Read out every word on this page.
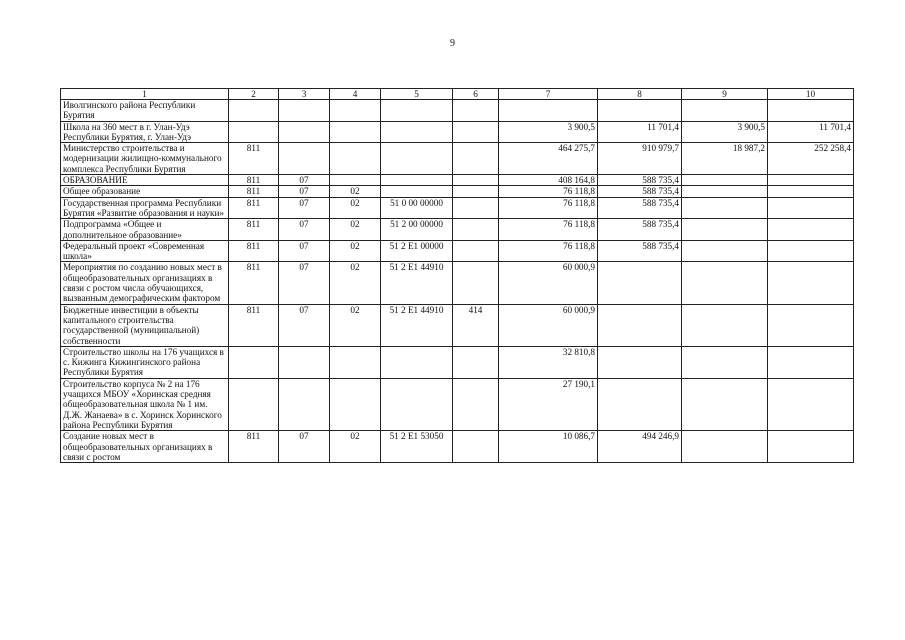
9
1	2	3	4	5	6	7	8	9	10
Иволгинского района Республики Бурятия									
Школа на 360 мест в г. Улан-Удэ Республики Бурятия, г. Улан-Удэ						3 900,5	11 701,4	3 900,5	11 701,4
Министерство строительства и модернизации жилищно-коммунального комплекса Республики Бурятия	811					464 275,7	910 979,7	18 987,2	252 258,4
ОБРАЗОВАНИЕ	811	07				408 164,8	588 735,4		
Общее образование	811	07	02			76 118,8	588 735,4		
Государственная программа Республики Бурятия «Развитие образования и науки»	811	07	02	51 0 00 00000		76 118,8	588 735,4		
Подпрограмма «Общее и дополнительное образование»	811	07	02	51 2 00 00000		76 118,8	588 735,4		
Федеральный проект «Современная школа»	811	07	02	51 2 E1 00000		76 118,8	588 735,4		
Мероприятия по созданию новых мест в общеобразовательных организациях в связи с ростом числа обучающихся, вызванным демографическим фактором	811	07	02	51 2 E1 44910		60 000,9			
Бюджетные инвестиции в объекты капитального строительства государственной (муниципальной) собственности	811	07	02	51 2 E1 44910	414	60 000,9			
Строительство школы на 176 учащихся в с. Кижинга Кижингинского района Республики Бурятия						32 810,8			
Строительство корпуса № 2 на 176 учащихся МБОУ «Хоринская средняя общеобразовательная школа № 1 им. Д.Ж. Жанаева» в с. Хоринск Хоринского района Республики Бурятия						27 190,1			
Создание новых мест в общеобразовательных организациях в связи с ростом	811	07	02	51 2 E1 53050		10 086,7	494 246,9		
